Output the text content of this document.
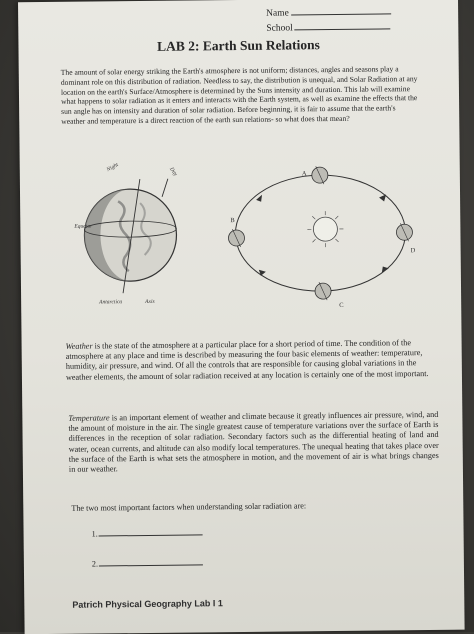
Name
School
LAB 2: Earth Sun Relations

The amount of solar energy striking the Earth's atmosphere is not uniform; distances, angles and seasons play a dominant role on this distribution of radiation. Needless to say, the distribution is unequal, and Solar Radiation at any location on the earth's Surface/Atmosphere is determined by the Suns intensity and duration. This lab will examine what happens to solar radiation as it enters and interacts with the Earth system, as well as examine the effects that the sun angle has on intensity and duration of solar radiation. Before beginning, it is fair to assume that the earth's weather and temperature is a direct reaction of the earth sun relations- so what does that mean?

Night	Day
Equator
Antarctica	Axis
A
B
C
D

Weather is the state of the atmosphere at a particular place for a short period of time. The condition of the atmosphere at any place and time is described by measuring the four basic elements of weather: temperature, humidity, air pressure, and wind. Of all the controls that are responsible for causing global variations in the weather elements, the amount of solar radiation received at any location is certainly one of the most important.

Temperature is an important element of weather and climate because it greatly influences air pressure, wind, and the amount of moisture in the air. The single greatest cause of temperature variations over the surface of Earth is differences in the reception of solar radiation. Secondary factors such as the differential heating of land and water, ocean currents, and altitude can also modify local temperatures. The unequal heating that takes place over the surface of the Earth is what sets the atmosphere in motion, and the movement of air is what brings changes in our weather.

The two most important factors when understanding solar radiation are:

1.
2.
Patrich Physical Geography Lab I 1
